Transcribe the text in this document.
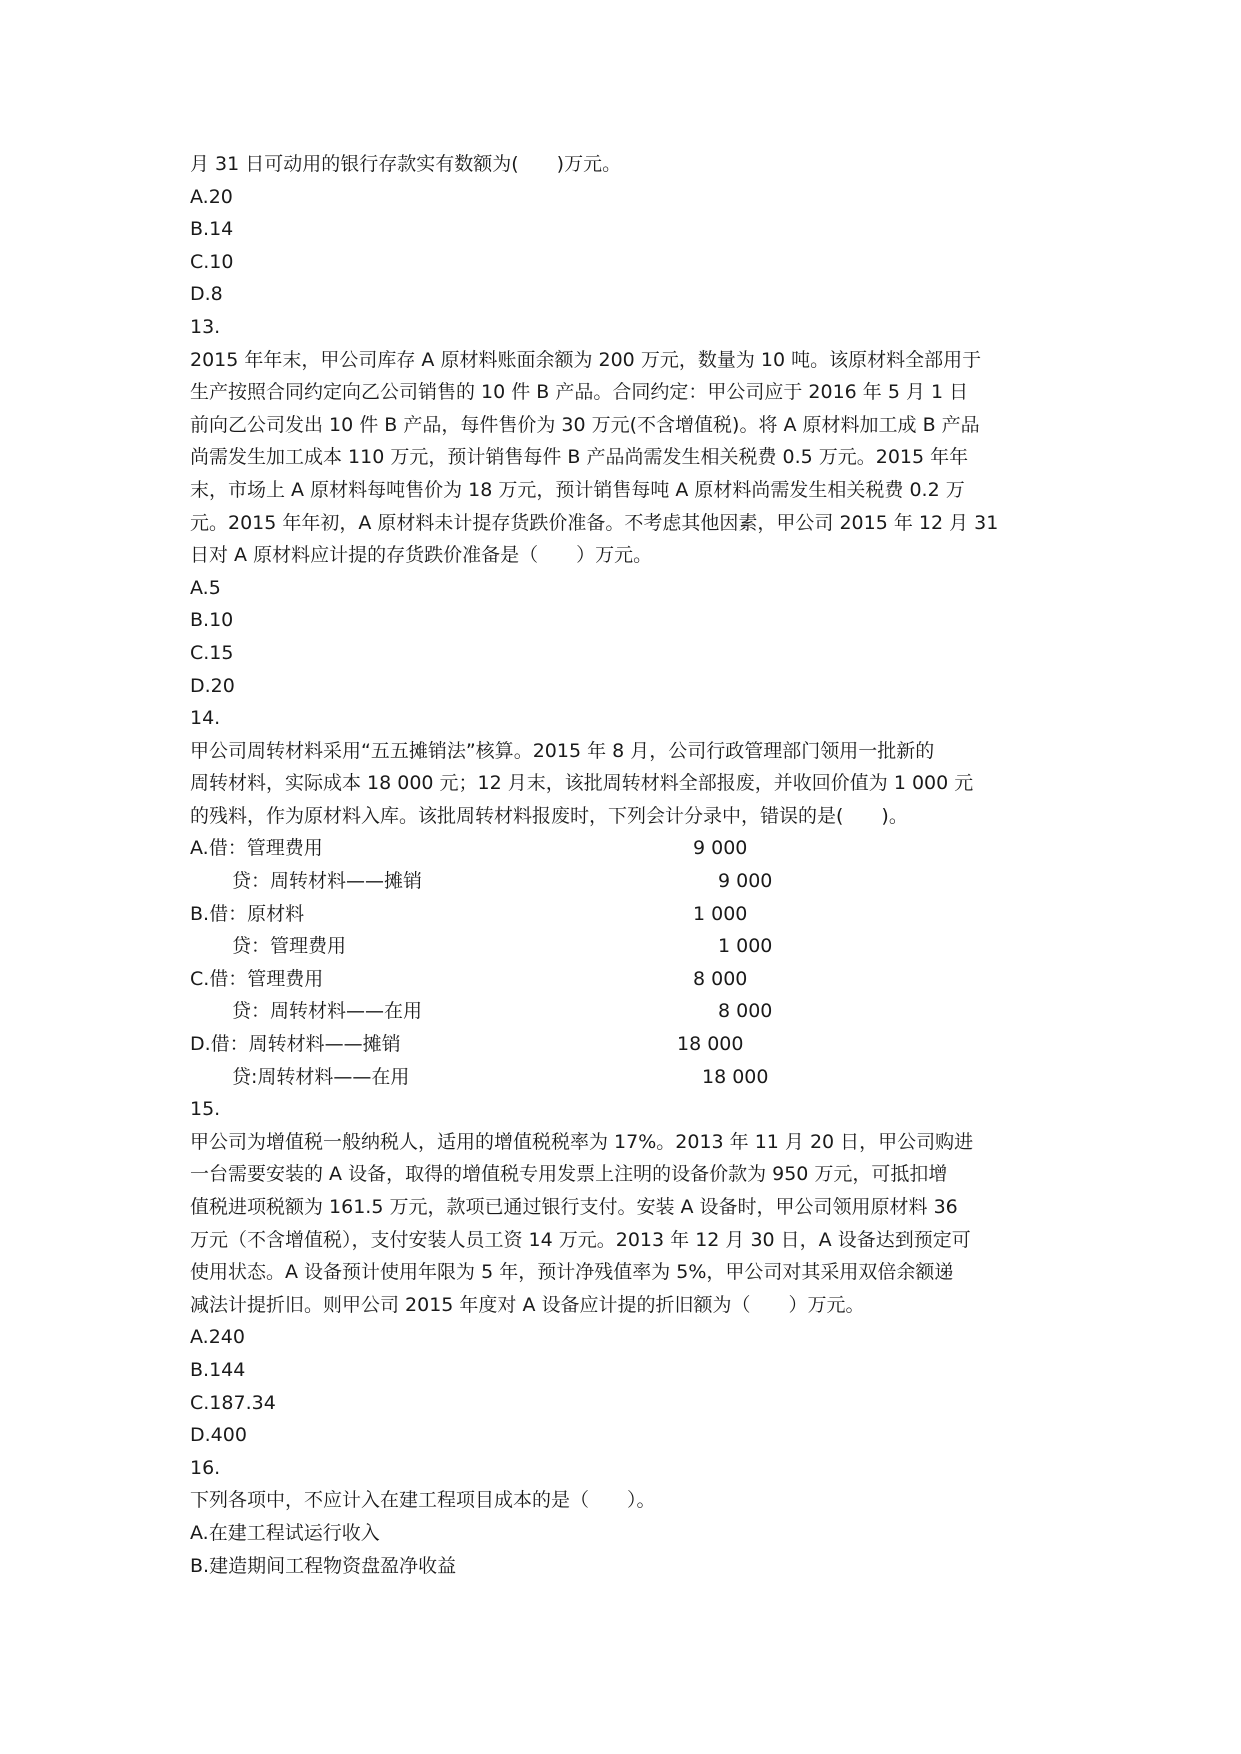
月 31 日可动用的银行存款实有数额为(　　)万元。
A.20
B.14
C.10
D.8
13.
2015 年年末，甲公司库存 A 原材料账面余额为 200 万元，数量为 10 吨。该原材料全部用于
生产按照合同约定向乙公司销售的 10 件 B 产品。合同约定：甲公司应于 2016 年 5 月 1 日
前向乙公司发出 10 件 B 产品，每件售价为 30 万元(不含增值税)。将 A 原材料加工成 B 产品
尚需发生加工成本 110 万元，预计销售每件 B 产品尚需发生相关税费 0.5 万元。2015 年年
末，市场上 A 原材料每吨售价为 18 万元，预计销售每吨 A 原材料尚需发生相关税费 0.2 万
元。2015 年年初，A 原材料未计提存货跌价准备。不考虑其他因素，甲公司 2015 年 12 月 31
日对 A 原材料应计提的存货跌价准备是（　　）万元。
A.5
B.10
C.15
D.20
14.
甲公司周转材料采用“五五摊销法”核算。2015 年 8 月，公司行政管理部门领用一批新的
周转材料，实际成本 18 000 元；12 月末，该批周转材料全部报废，并收回价值为 1 000 元
的残料，作为原材料入库。该批周转材料报废时，下列会计分录中，错误的是(　　)。
A.借：管理费用	9 000
贷：周转材料——摊销	9 000
B.借：原材料	1 000
贷：管理费用	1 000
C.借：管理费用	8 000
贷：周转材料——在用	8 000
D.借：周转材料——摊销	18 000
贷:周转材料——在用	18 000
15.
甲公司为增值税一般纳税人，适用的增值税税率为 17%。2013 年 11 月 20 日，甲公司购进
一台需要安装的 A 设备，取得的增值税专用发票上注明的设备价款为 950 万元，可抵扣增
值税进项税额为 161.5 万元，款项已通过银行支付。安装 A 设备时，甲公司领用原材料 36
万元（不含增值税），支付安装人员工资 14 万元。2013 年 12 月 30 日，A 设备达到预定可
使用状态。A 设备预计使用年限为 5 年，预计净残值率为 5%，甲公司对其采用双倍余额递
减法计提折旧。则甲公司 2015 年度对 A 设备应计提的折旧额为（　　）万元。
A.240
B.144
C.187.34
D.400
16.
下列各项中，不应计入在建工程项目成本的是（　　）。
A.在建工程试运行收入
B.建造期间工程物资盘盈净收益
